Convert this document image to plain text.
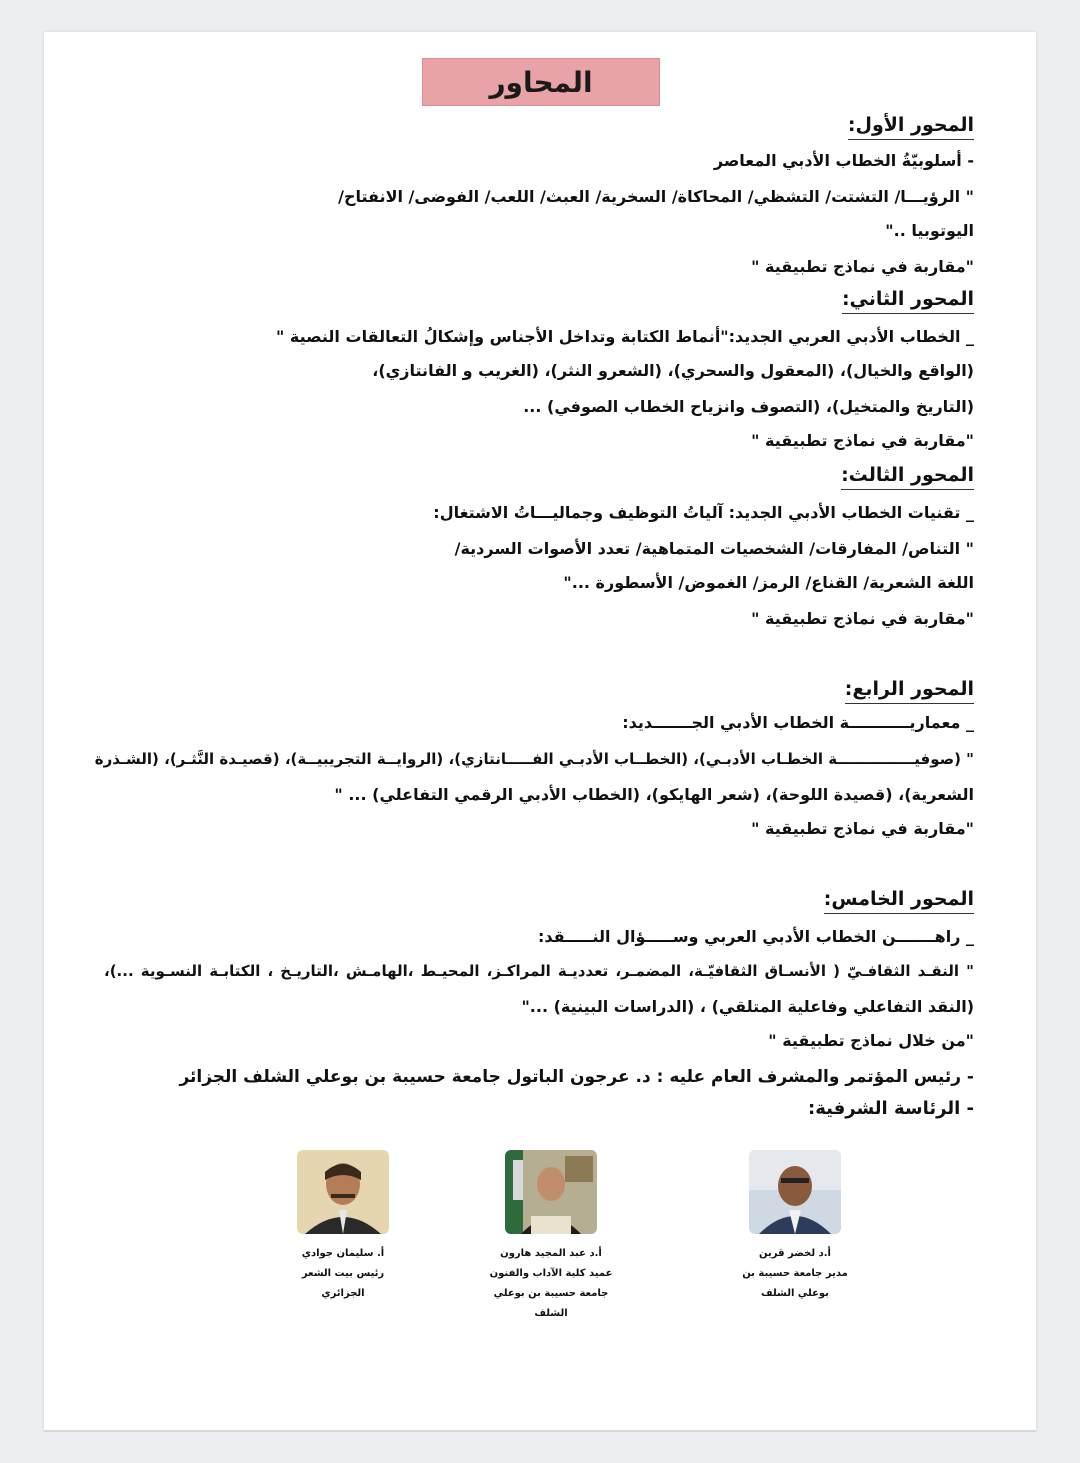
المحاور
المحور الأول:
- أسلوبيّةُ الخطاب الأدبي المعاصر
" الرؤيـــا/ التشتت/ التشظي/ المحاكاة/ السخرية/ العبث/ اللعب/ الفوضى/ الانفتاح/
اليوتوبيا .."
"مقاربة في نماذج تطبيقية "
المحور الثاني:
_ الخطاب الأدبي العربي الجديد:"أنماط الكتابة وتداخل الأجناس وإشكالُ التعالقات النصية "
(الواقع والخيال)، (المعقول والسحري)، (الشعرو النثر)، (الغريب و الفانتازي)،
(التاريخ والمتخيل)، (التصوف وانزياح الخطاب الصوفي) ...
"مقاربة في نماذج تطبيقية "
المحور الثالث:
_ تقنيات الخطاب الأدبي الجديد: آلياتُ التوظيف وجماليـــاتُ الاشتغال:
" التناص/ المفارقات/ الشخصيات المتماهية/ تعدد الأصوات السردية/
اللغة الشعرية/ القناع/ الرمز/ الغموض/ الأسطورة ..."
"مقاربة في نماذج تطبيقية "
المحور الرابع:
_ معماريـــــــــــة الخطاب الأدبي الجـــــــديد:
" (صوفيـــــــــــــــة الخطـاب الأدبـي)، (الخطــاب الأدبـي الفـــــانتازي)، (الروايــة التجريبيــة)، (قصيـدة النَّثـر)، (الشـذرة
الشعرية)، (قصيدة اللوحة)، (شعر الهايكو)، (الخطاب الأدبي الرقمي التفاعلي) ... "
"مقاربة في نماذج تطبيقية "
المحور الخامس:
_ راهـــــــن الخطاب الأدبي العربي وســـــؤال النـــــقد:
" النقـد الثقافـيّ ( الأنسـاق الثقافيّـة، المضمـر، تعدديـة المراكـز، المحيـط ،الهامـش ،التاريـخ ، الكتابـة النسـوية ...)،
(النقد التفاعلي وفاعلية المتلقي) ، (الدراسات البينية) ..."
"من خلال نماذج تطبيقية "
- رئيس المؤتمر والمشرف العام عليه : د. عرجون الباتول جامعة حسيبة بن بوعلي الشلف الجزائر
- الرئاسة الشرفية:
أ.د لخضر قرين
مدير جامعة حسيبة بن
بوعلي الشلف
أ.د عبد المجيد هارون
عميد كلية الآداب والفنون
جامعة حسيبة بن بوعلي
الشلف
أ. سليمان جوادي
رئيس بيت الشعر
الجزائري
